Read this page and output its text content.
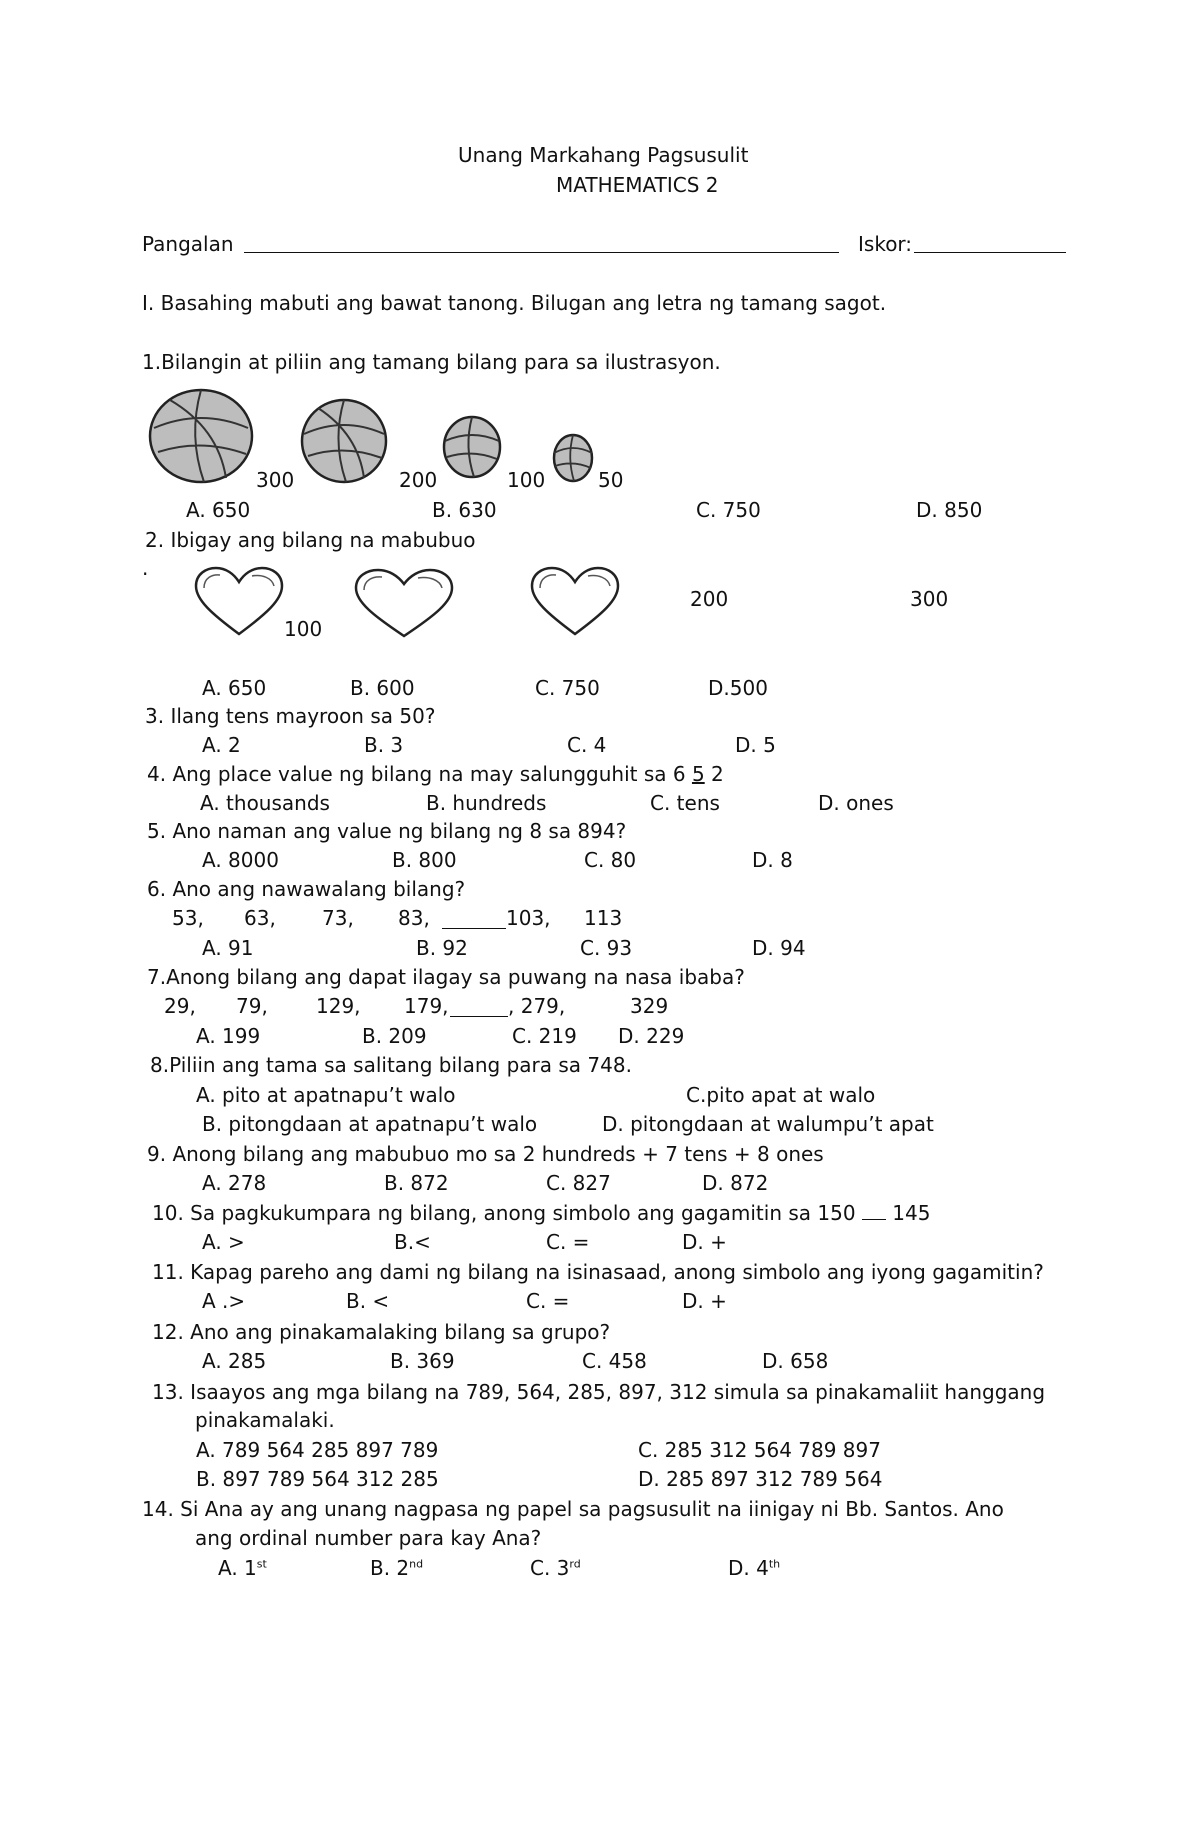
Unang Markahang Pagsusulit
MATHEMATICS 2
Pangalan	Iskor:
I. Basahing mabuti ang bawat tanong. Bilugan ang letra ng tamang sagot.
1.Bilangin at piliin ang tamang bilang para sa ilustrasyon.
300	200	100	50
A. 650	B. 630	C. 750	D. 850
2. Ibigay ang bilang na mabubuo
.
100
200	300
A. 650	B. 600	C. 750	D.500
3. Ilang tens mayroon sa 50?
A. 2	B. 3	C. 4	D. 5
4. Ang place value ng bilang na may salungguhit sa 6 5 2
A. thousands	B. hundreds	C. tens	D. ones
5. Ano naman ang value ng bilang ng 8 sa 894?
A. 8000	B. 800	C. 80	D. 8
6. Ano ang nawawalang bilang?
53, 63, 73, 83,	103, 113
A. 91	B. 92	C. 93	D. 94
7.Anong bilang ang dapat ilagay sa puwang na nasa ibaba?
29, 79, 129, 179,	, 279,	329
A. 199	B. 209	C. 219 D. 229
8.Piliin ang tama sa salitang bilang para sa 748.
A. pito at apatnapu’t walo	C.pito apat at walo
B. pitongdaan at apatnapu’t walo	D. pitongdaan at walumpu’t apat
9. Anong bilang ang mabubuo mo sa 2 hundreds + 7 tens + 8 ones
A. 278	B. 872	C. 827	D. 872
10. Sa pagkukumpara ng bilang, anong simbolo ang gagamitin sa 150  145
A. >	B.<	C. =	D. +
11. Kapag pareho ang dami ng bilang na isinasaad, anong simbolo ang iyong gagamitin?
A .>	B. <	C. =	D. +
12. Ano ang pinakamalaking bilang sa grupo?
A. 285	B. 369	C. 458	D. 658
13. Isaayos ang mga bilang na 789, 564, 285, 897, 312 simula sa pinakamaliit hanggang
pinakamalaki.
A. 789 564 285 897 789	C. 285 312 564 789 897
B. 897 789 564 312 285	D. 285 897 312 789 564
14. Si Ana ay ang unang nagpasa ng papel sa pagsusulit na iinigay ni Bb. Santos. Ano
ang ordinal number para kay Ana?
A. 1st	B. 2nd	C. 3rd	D. 4th
